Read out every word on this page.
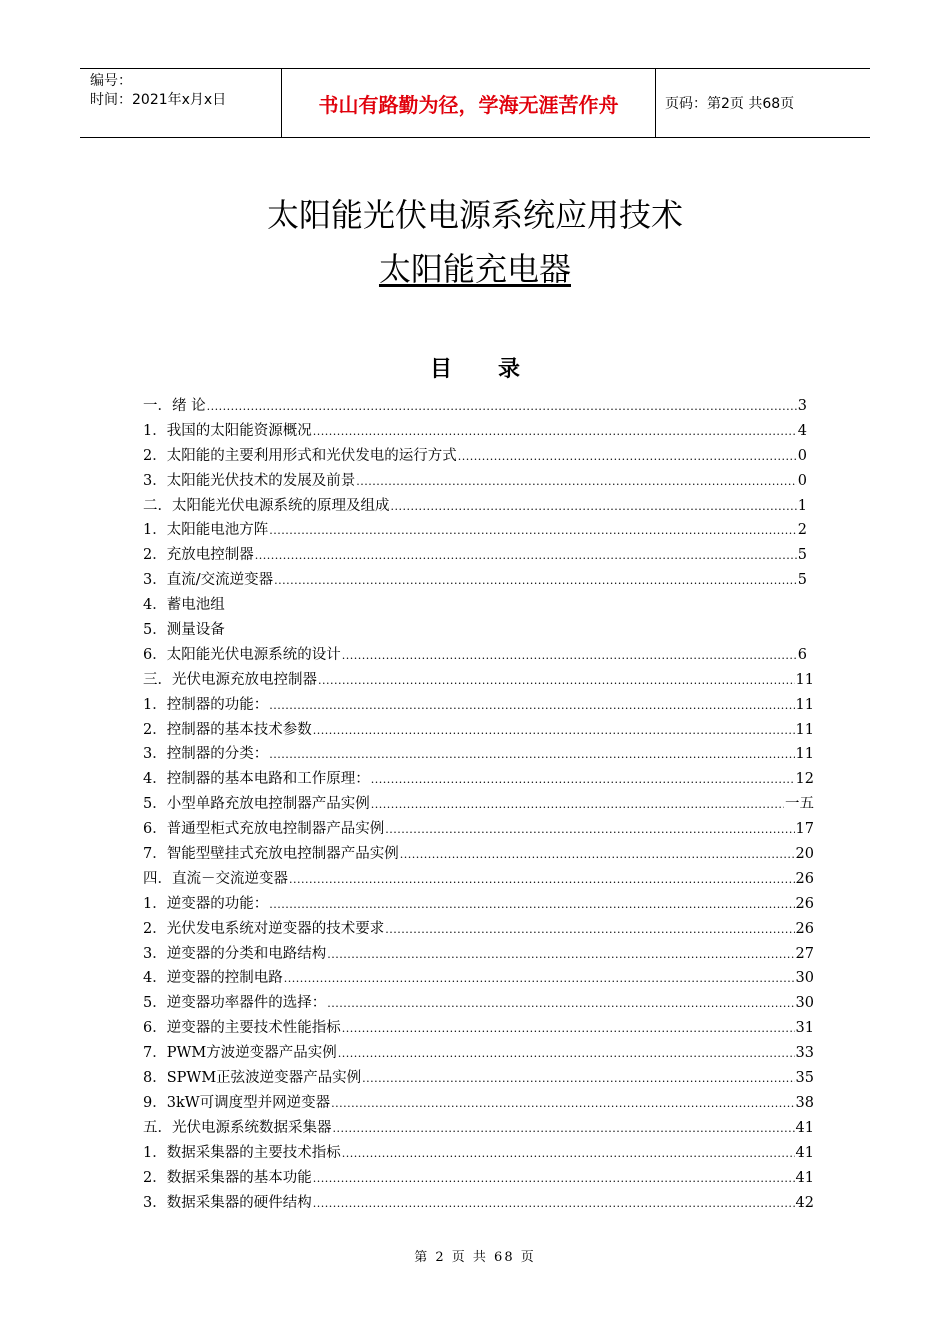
编号：
时间：2021年x月x日	书山有路勤为径，学海无涯苦作舟	页码：第2页 共68页
太阳能光伏电源系统应用技术
太阳能充电器
目录
一．绪 论 .....	3
1．我国的太阳能资源概况 .....	4
2．太阳能的主要利用形式和光伏发电的运行方式 .....	0
3．太阳能光伏技术的发展及前景 .....	0
二．太阳能光伏电源系统的原理及组成 .....	1
1．太阳能电池方阵 .....	2
2．充放电控制器 .....	5
3．直流/交流逆变器 .....	5
4．蓄电池组
5．测量设备
6．太阳能光伏电源系统的设计 .....	6
三．光伏电源充放电控制器 .....	11
1．控制器的功能： .....	11
2．控制器的基本技术参数 .....	11
3．控制器的分类： .....	11
4．控制器的基本电路和工作原理： .....	12
5．小型单路充放电控制器产品实例 .....	一五
6．普通型柜式充放电控制器产品实例 .....	17
7．智能型壁挂式充放电控制器产品实例 .....	20
四．直流－交流逆变器 .....	26
1．逆变器的功能： .....	26
2．光伏发电系统对逆变器的技术要求 .....	26
3．逆变器的分类和电路结构 .....	27
4．逆变器的控制电路 .....	30
5．逆变器功率器件的选择： .....	30
6．逆变器的主要技术性能指标 .....	31
7．PWM方波逆变器产品实例 .....	33
8．SPWM正弦波逆变器产品实例 .....	35
9．3kW可调度型并网逆变器 .....	38
五．光伏电源系统数据采集器 .....	41
1．数据采集器的主要技术指标 .....	41
2．数据采集器的基本功能 .....	41
3．数据采集器的硬件结构 .....	42
第 2 页 共 68 页
